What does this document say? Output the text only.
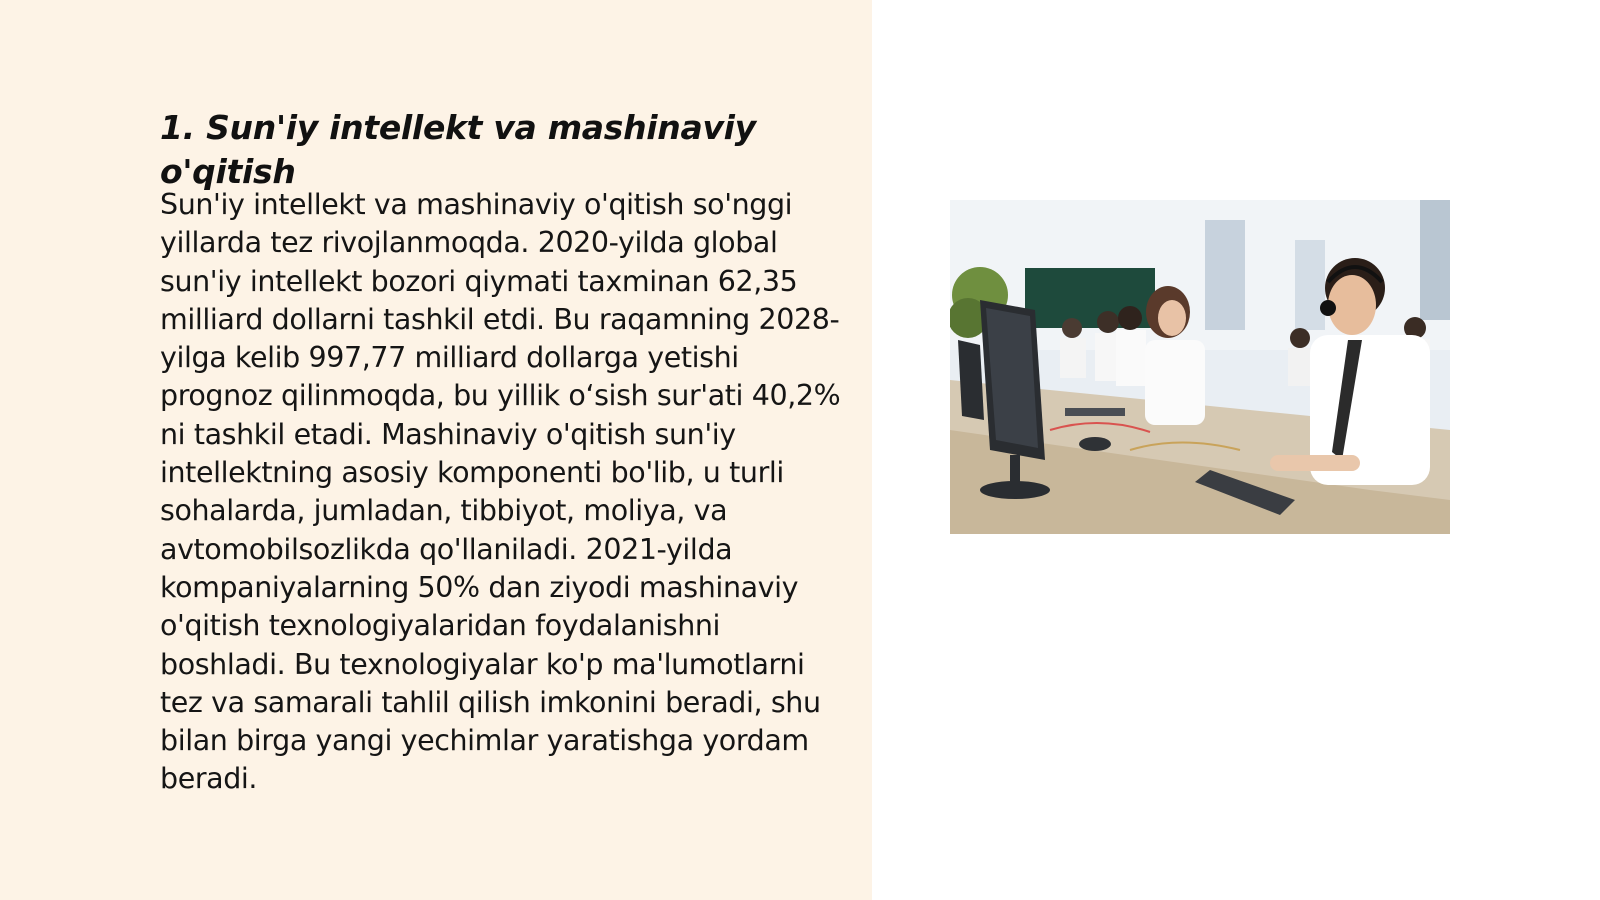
1. Sun'iy intellekt va mashinaviy o'qitish

Sun'iy intellekt va mashinaviy o'qitish so'nggi yillarda tez rivojlanmoqda. 2020-yilda global sun'iy intellekt bozori qiymati taxminan 62,35 milliard dollarni tashkil etdi. Bu raqamning 2028-yilga kelib 997,77 milliard dollarga yetishi prognoz qilinmoqda, bu yillik o‘sish sur'ati 40,2% ni tashkil etadi. Mashinaviy o'qitish sun'iy intellektning asosiy komponenti bo'lib, u turli sohalarda, jumladan, tibbiyot, moliya, va avtomobilsozlikda qo'llaniladi. 2021-yilda kompaniyalarning 50% dan ziyodi mashinaviy o'qitish texnologiyalaridan foydalanishni boshladi. Bu texnologiyalar ko'p ma'lumotlarni tez va samarali tahlil qilish imkonini beradi, shu bilan birga yangi yechimlar yaratishga yordam beradi.
